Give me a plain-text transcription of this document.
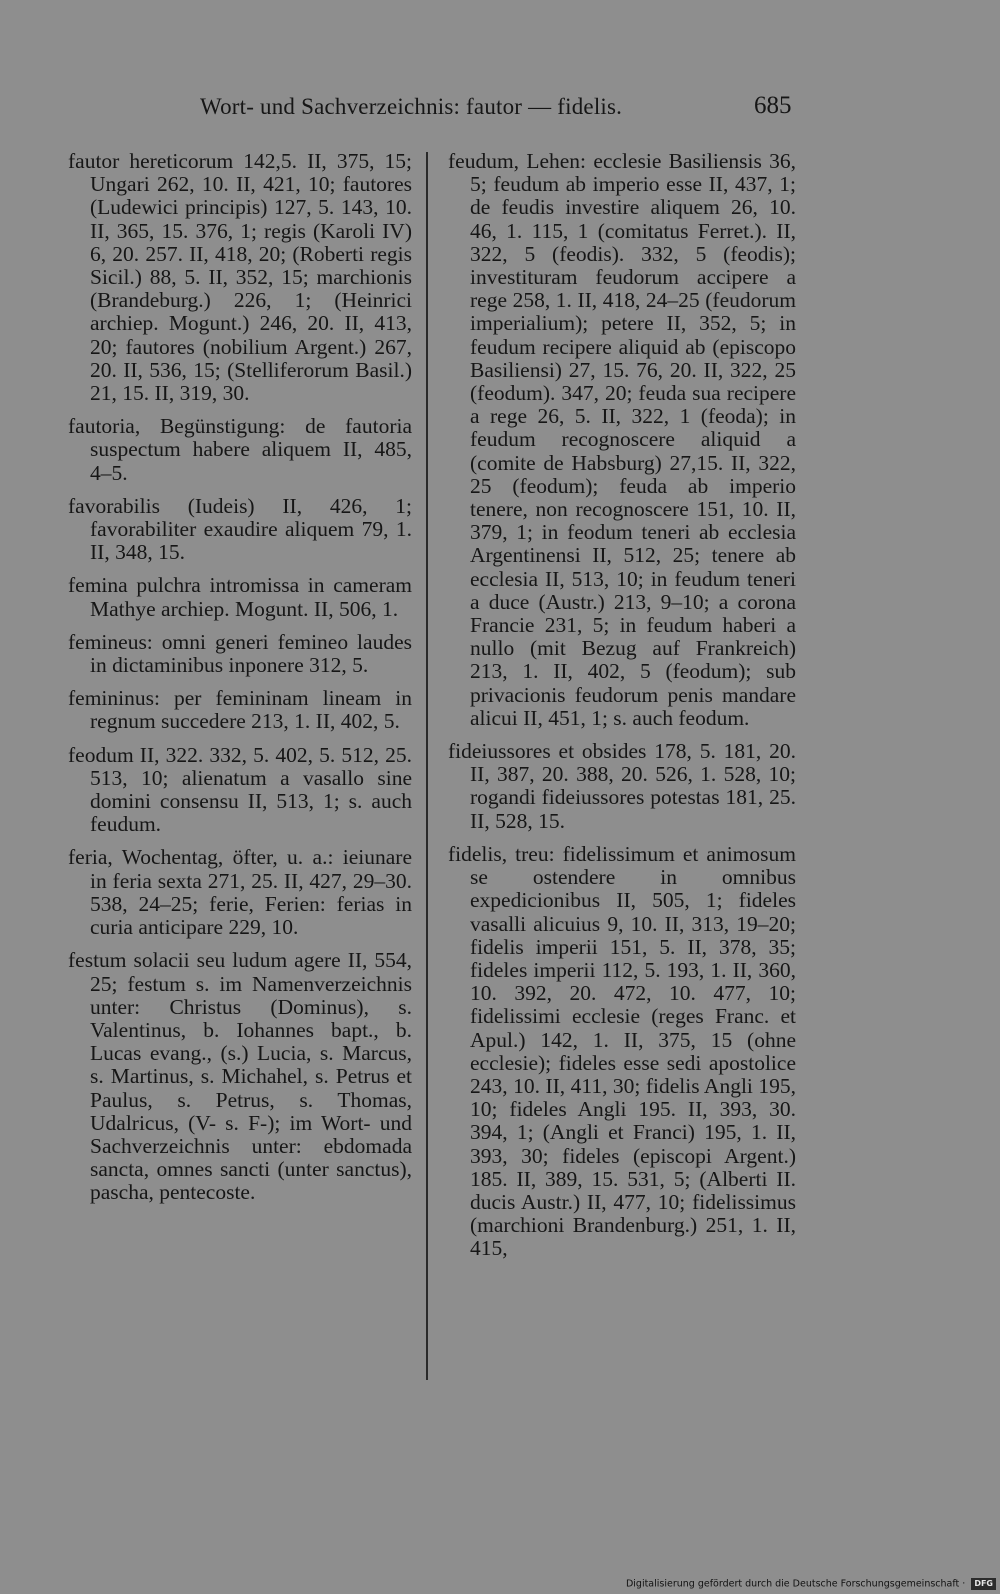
Wort- und Sachverzeichnis: fautor — fidelis.	685

fautor hereticorum 142,5. II, 375, 15; Ungari 262, 10. II, 421, 10; fautores (Ludewici principis) 127, 5. 143, 10. II, 365, 15. 376, 1; regis (Karoli IV) 6, 20. 257. II, 418, 20; (Roberti regis Sicil.) 88, 5. II, 352, 15; marchionis (Brandeburg.) 226, 1; (Heinrici archiep. Mogunt.) 246, 20. II, 413, 20; fautores (nobilium Argent.) 267, 20. II, 536, 15; (Stelliferorum Basil.) 21, 15. II, 319, 30.

fautoria, Begünstigung: de fautoria suspectum habere aliquem II, 485, 4–5.

favorabilis (Iudeis) II, 426, 1; favorabiliter exaudire aliquem 79, 1. II, 348, 15.

femina pulchra intromissa in cameram Mathye archiep. Mogunt. II, 506, 1.

femineus: omni generi femineo laudes in dictaminibus inponere 312, 5.

femininus: per femininam lineam in regnum succedere 213, 1. II, 402, 5.

feodum II, 322. 332, 5. 402, 5. 512, 25. 513, 10; alienatum a vasallo sine domini consensu II, 513, 1; s. auch feudum.

feria, Wochentag, öfter, u. a.: ieiunare in feria sexta 271, 25. II, 427, 29–30. 538, 24–25; ferie, Ferien: ferias in curia anticipare 229, 10.

festum solacii seu ludum agere II, 554, 25; festum s. im Namenverzeichnis unter: Christus (Dominus), s. Valentinus, b. Iohannes bapt., b. Lucas evang., (s.) Lucia, s. Marcus, s. Martinus, s. Michahel, s. Petrus et Paulus, s. Petrus, s. Thomas, Udalricus, (V- s. F-); im Wort- und Sachverzeichnis unter: ebdomada sancta, omnes sancti (unter sanctus), pascha, pentecoste.

feudum, Lehen: ecclesie Basiliensis 36, 5; feudum ab imperio esse II, 437, 1; de feudis investire aliquem 26, 10. 46, 1. 115, 1 (comitatus Ferret.). II, 322, 5 (feodis). 332, 5 (feodis); investituram feudorum accipere a rege 258, 1. II, 418, 24–25 (feudorum imperialium); petere II, 352, 5; in feudum recipere aliquid ab (episcopo Basiliensi) 27, 15. 76, 20. II, 322, 25 (feodum). 347, 20; feuda sua recipere a rege 26, 5. II, 322, 1 (feoda); in feudum recognoscere aliquid a (comite de Habsburg) 27,15. II, 322, 25 (feodum); feuda ab imperio tenere, non recognoscere 151, 10. II, 379, 1; in feodum teneri ab ecclesia Argentinensi II, 512, 25; tenere ab ecclesia II, 513, 10; in feudum teneri a duce (Austr.) 213, 9–10; a corona Francie 231, 5; in feudum haberi a nullo (mit Bezug auf Frankreich) 213, 1. II, 402, 5 (feodum); sub privacionis feudorum penis mandare alicui II, 451, 1; s. auch feodum.

fideiussores et obsides 178, 5. 181, 20. II, 387, 20. 388, 20. 526, 1. 528, 10; rogandi fideiussores potestas 181, 25. II, 528, 15.

fidelis, treu: fidelissimum et animosum se ostendere in omnibus expedicionibus II, 505, 1; fideles vasalli alicuius 9, 10. II, 313, 19–20; fidelis imperii 151, 5. II, 378, 35; fideles imperii 112, 5. 193, 1. II, 360, 10. 392, 20. 472, 10. 477, 10; fidelissimi ecclesie (reges Franc. et Apul.) 142, 1. II, 375, 15 (ohne ecclesie); fideles esse sedi apostolice 243, 10. II, 411, 30; fidelis Angli 195, 10; fideles Angli 195. II, 393, 30. 394, 1; (Angli et Franci) 195, 1. II, 393, 30; fideles (episcopi Argent.) 185. II, 389, 15. 531, 5; (Alberti II. ducis Austr.) II, 477, 10; fidelissimus (marchioni Brandenburg.) 251, 1. II, 415,

Digitalisierung gefördert durch die Deutsche Forschungsgemeinschaft · DFG
